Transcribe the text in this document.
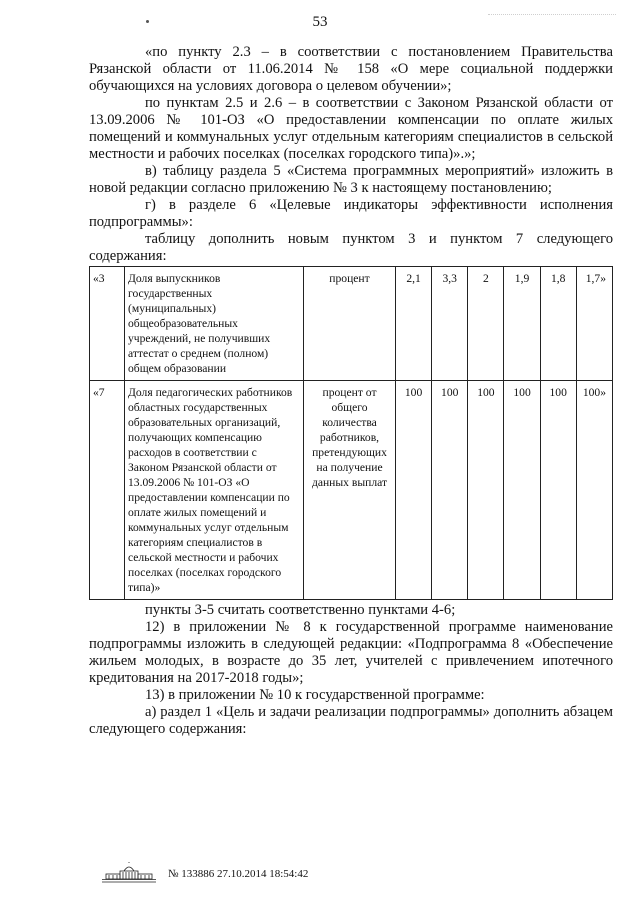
53

«по пункту 2.3 – в соответствии с постановлением Правительства Рязанской области от 11.06.2014 № 158 «О мере социальной поддержки обучающихся на условиях договора о целевом обучении»;

по пунктам 2.5 и 2.6 – в соответствии с Законом Рязанской области от 13.09.2006 № 101-ОЗ «О предоставлении компенсации по оплате жилых помещений и коммунальных услуг отдельным категориям специалистов в сельской местности и рабочих поселках (поселках городского типа)».»;

в) таблицу раздела 5 «Система программных мероприятий» изложить в новой редакции согласно приложению № 3 к настоящему постановлению;

г) в разделе 6 «Целевые индикаторы эффективности исполнения подпрограммы»:

таблицу дополнить новым пунктом 3 и пунктом 7 следующего содержания:

«3	Доля выпускников государственных (муниципальных) общеобразовательных учреждений, не получивших аттестат о среднем (полном) общем образовании	процент	2,1	3,3	2	1,9	1,8	1,7»
«7	Доля педагогических работников областных государственных образовательных организаций, получающих компенсацию расходов в соответствии с Законом Рязанской области от 13.09.2006 № 101-ОЗ «О предоставлении компенсации по оплате жилых помещений и коммунальных услуг отдельным категориям специалистов в сельской местности и рабочих поселках (поселках городского типа)»	процент от общего количества работников, претендующих на получение данных выплат	100	100	100	100	100	100»

пункты 3-5 считать соответственно пунктами 4-6;

12) в приложении № 8 к государственной программе наименование подпрограммы изложить в следующей редакции: «Подпрограмма 8 «Обеспечение жильем молодых, в возрасте до 35 лет, учителей с привлечением ипотечного кредитования на 2017-2018 годы»;

13) в приложении № 10 к государственной программе:

а) раздел 1 «Цель и задачи реализации подпрограммы» дополнить абзацем следующего содержания:

№ 133886 27.10.2014 18:54:42
